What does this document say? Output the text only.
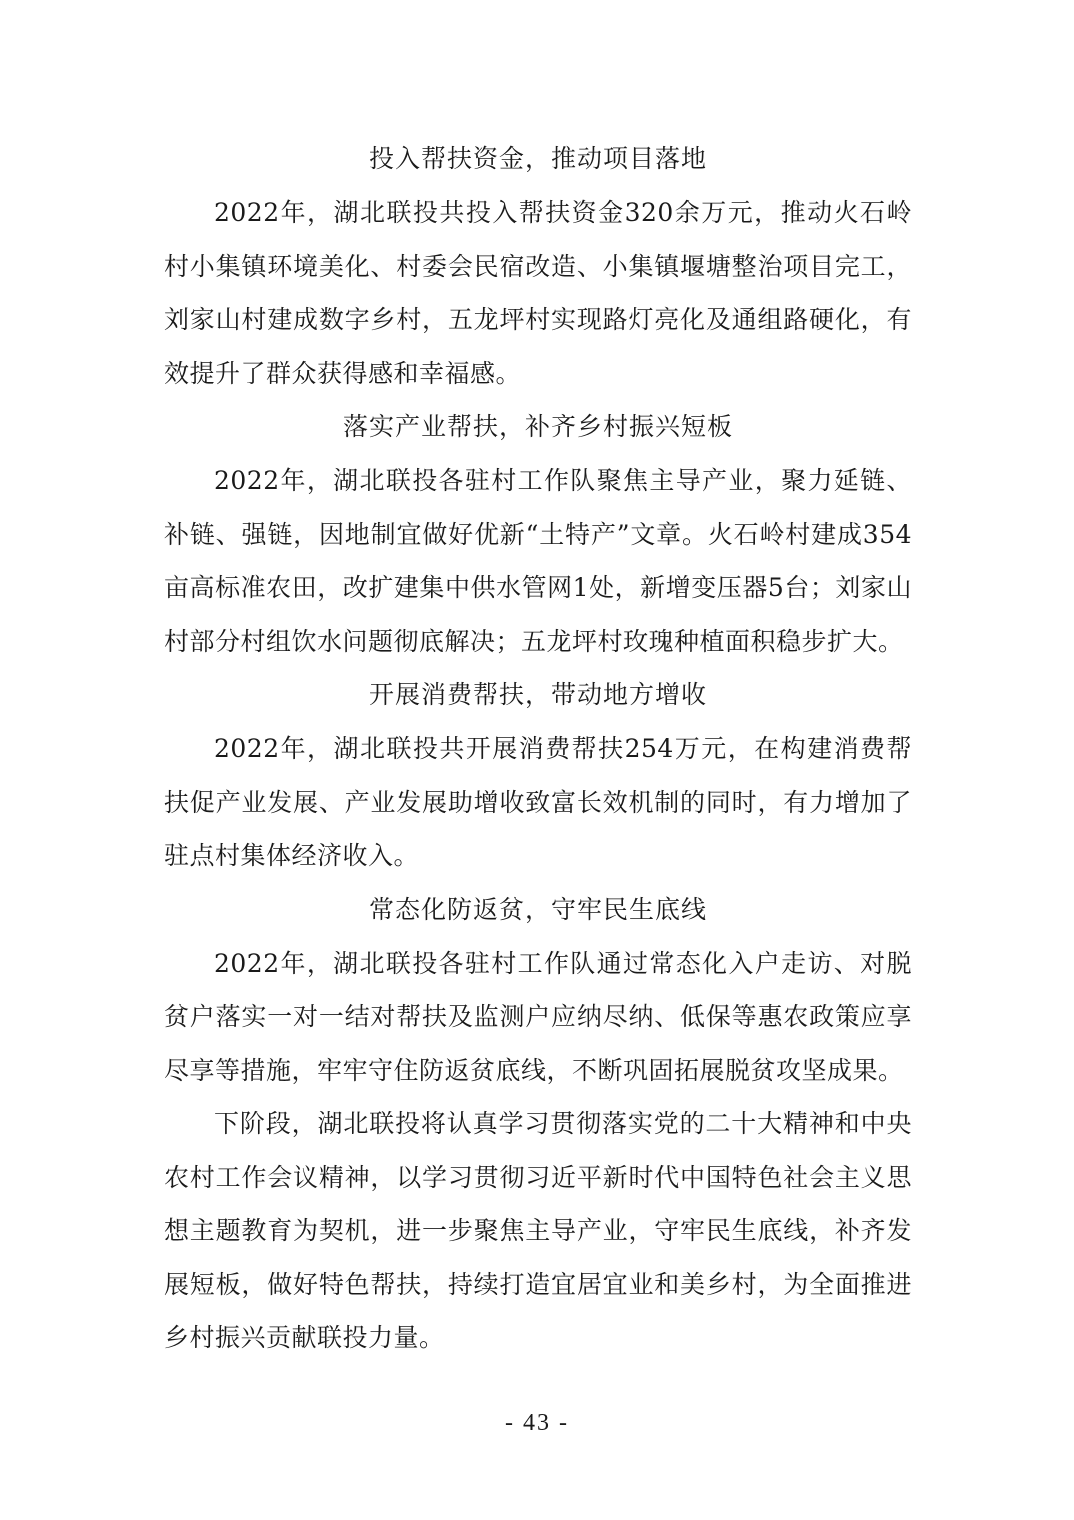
投入帮扶资金，推动项目落地

2022年，湖北联投共投入帮扶资金320余万元，推动火石岭村小集镇环境美化、村委会民宿改造、小集镇堰塘整治项目完工，刘家山村建成数字乡村，五龙坪村实现路灯亮化及通组路硬化，有效提升了群众获得感和幸福感。

落实产业帮扶，补齐乡村振兴短板

2022年，湖北联投各驻村工作队聚焦主导产业，聚力延链、补链、强链，因地制宜做好优新“土特产”文章。火石岭村建成354亩高标准农田，改扩建集中供水管网1处，新增变压器5台；刘家山村部分村组饮水问题彻底解决；五龙坪村玫瑰种植面积稳步扩大。

开展消费帮扶，带动地方增收

2022年，湖北联投共开展消费帮扶254万元，在构建消费帮扶促产业发展、产业发展助增收致富长效机制的同时，有力增加了驻点村集体经济收入。

常态化防返贫，守牢民生底线

2022年，湖北联投各驻村工作队通过常态化入户走访、对脱贫户落实一对一结对帮扶及监测户应纳尽纳、低保等惠农政策应享尽享等措施，牢牢守住防返贫底线，不断巩固拓展脱贫攻坚成果。

下阶段，湖北联投将认真学习贯彻落实党的二十大精神和中央农村工作会议精神，以学习贯彻习近平新时代中国特色社会主义思想主题教育为契机，进一步聚焦主导产业，守牢民生底线，补齐发展短板，做好特色帮扶，持续打造宜居宜业和美乡村，为全面推进乡村振兴贡献联投力量。

- 43 -
